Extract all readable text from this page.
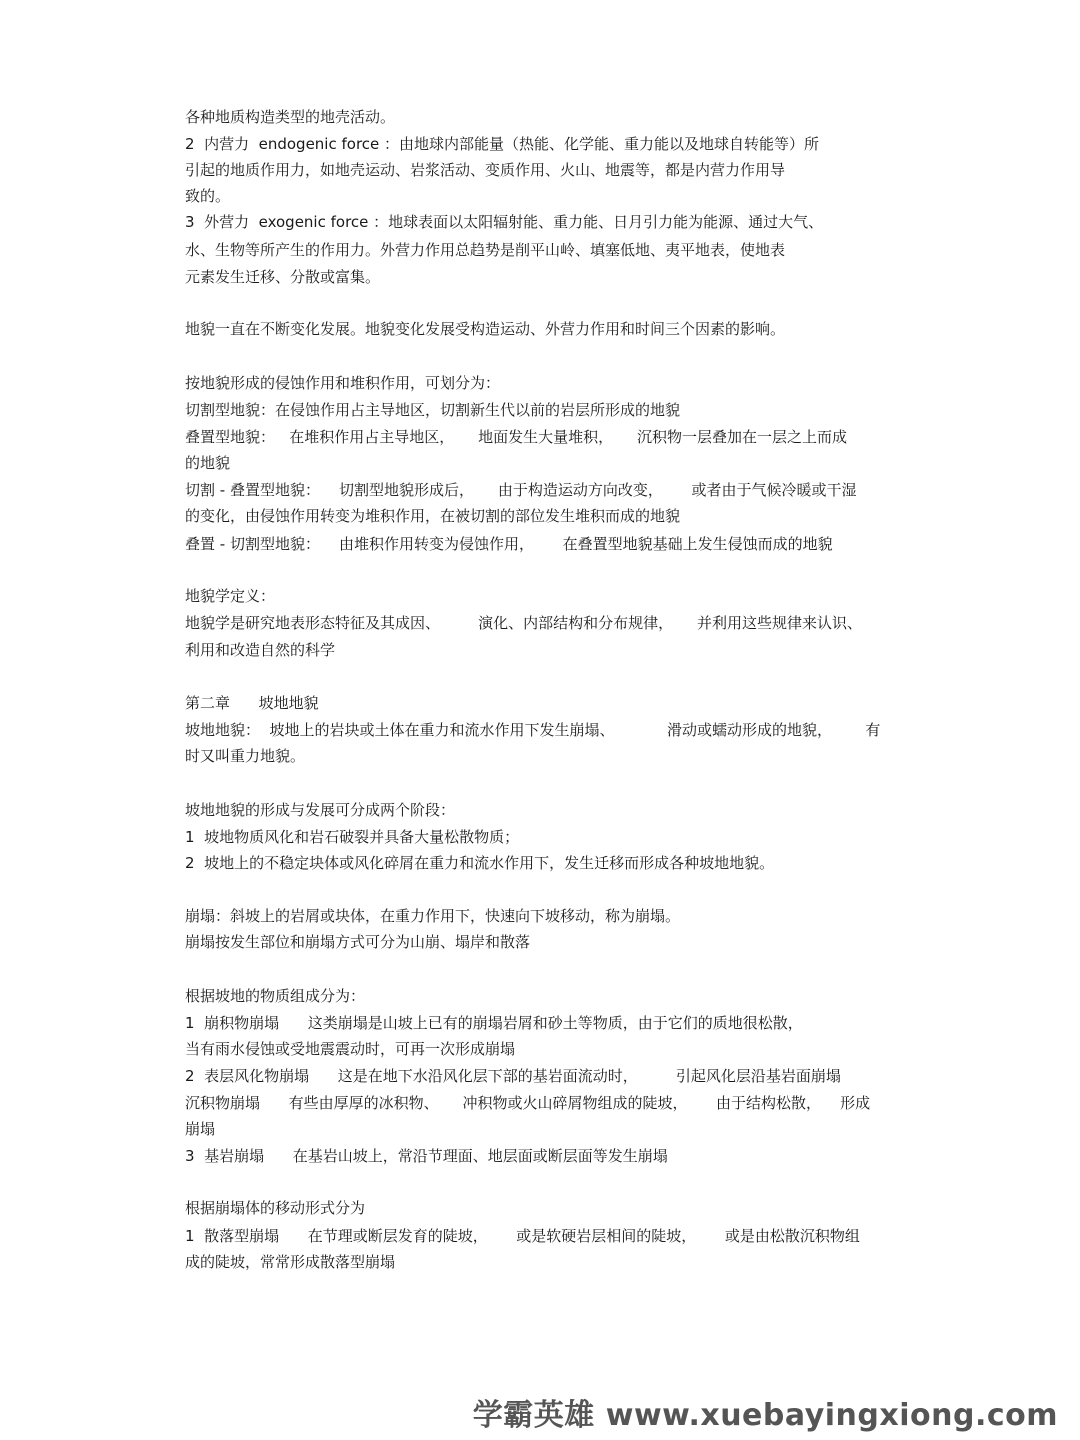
各种地质构造类型的地壳活动。
2  内营力  endogenic force ：由地球内部能量（热能、化学能、重力能以及地球自转能等）所
引起的地质作用力，如地壳运动、岩浆活动、变质作用、火山、地震等，都是内营力作用导
致的。
3  外营力  exogenic force ：地球表面以太阳辐射能、重力能、日月引力能为能源、通过大气、
水、生物等所产生的作用力。外营力作用总趋势是削平山岭、填塞低地、夷平地表，使地表
元素发生迁移、分散或富集。
地貌一直在不断变化发展。地貌变化发展受构造运动、外营力作用和时间三个因素的影响。
按地貌形成的侵蚀作用和堆积作用，可划分为：
切割型地貌：在侵蚀作用占主导地区，切割新生代以前的岩层所形成的地貌
叠置型地貌：   在堆积作用占主导地区，     地面发生大量堆积，     沉积物一层叠加在一层之上而成
的地貌
切割 - 叠置型地貌：    切割型地貌形成后，     由于构造运动方向改变，      或者由于气候冷暖或干湿
的变化，由侵蚀作用转变为堆积作用，在被切割的部位发生堆积而成的地貌
叠置 - 切割型地貌：    由堆积作用转变为侵蚀作用，      在叠置型地貌基础上发生侵蚀而成的地貌
地貌学定义：
地貌学是研究地表形态特征及其成因、        演化、内部结构和分布规律，     并利用这些规律来认识、
利用和改造自然的科学
第二章      坡地地貌
坡地地貌：  坡地上的岩块或土体在重力和流水作用下发生崩塌、           滑动或蠕动形成的地貌，       有
时又叫重力地貌。
坡地地貌的形成与发展可分成两个阶段：
1  坡地物质风化和岩石破裂并具备大量松散物质；
2  坡地上的不稳定块体或风化碎屑在重力和流水作用下，发生迁移而形成各种坡地地貌。
崩塌：斜坡上的岩屑或块体，在重力作用下，快速向下坡移动，称为崩塌。
崩塌按发生部位和崩塌方式可分为山崩、塌岸和散落
根据坡地的物质组成分为：
1  崩积物崩塌      这类崩塌是山坡上已有的崩塌岩屑和砂土等物质，由于它们的质地很松散，
当有雨水侵蚀或受地震震动时，可再一次形成崩塌
2  表层风化物崩塌      这是在地下水沿风化层下部的基岩面流动时，        引起风化层沿基岩面崩塌
沉积物崩塌      有些由厚厚的冰积物、     冲积物或火山碎屑物组成的陡坡，      由于结构松散，    形成
崩塌
3  基岩崩塌      在基岩山坡上，常沿节理面、地层面或断层面等发生崩塌
根据崩塌体的移动形式分为
1  散落型崩塌      在节理或断层发育的陡坡，      或是软硬岩层相间的陡坡，      或是由松散沉积物组
成的陡坡，常常形成散落型崩塌
学霸英雄 www.xuebayingxiong.com
